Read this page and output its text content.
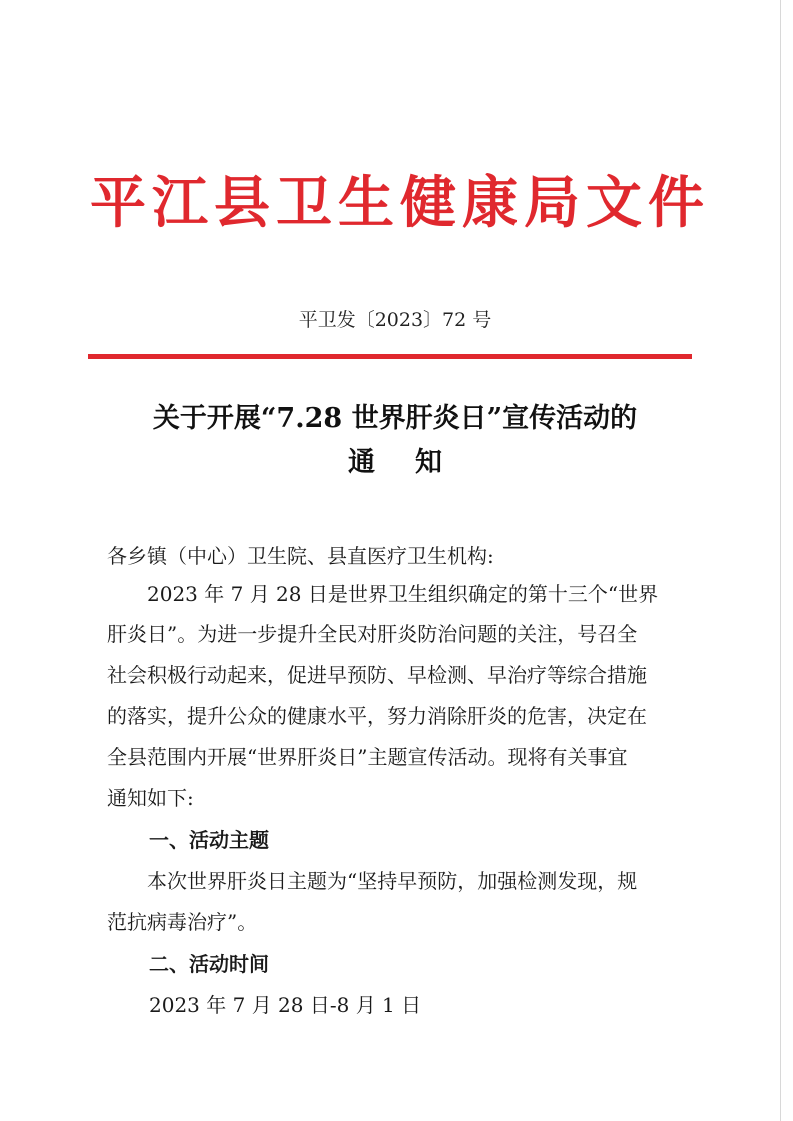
平江县卫生健康局文件
平卫发〔2023〕72 号
关于开展“7.28 世界肝炎日”宣传活动的
通知
各乡镇（中心）卫生院、县直医疗卫生机构:
2023 年 7 月 28 日是世界卫生组织确定的第十三个“世界
肝炎日”。为进一步提升全民对肝炎防治问题的关注，号召全
社会积极行动起来，促进早预防、早检测、早治疗等综合措施
的落实，提升公众的健康水平，努力消除肝炎的危害，决定在
全县范围内开展“世界肝炎日”主题宣传活动。现将有关事宜
通知如下:
一、活动主题
本次世界肝炎日主题为“坚持早预防，加强检测发现，规
范抗病毒治疗”。
二、活动时间
2023 年 7 月 28 日-8 月 1 日
